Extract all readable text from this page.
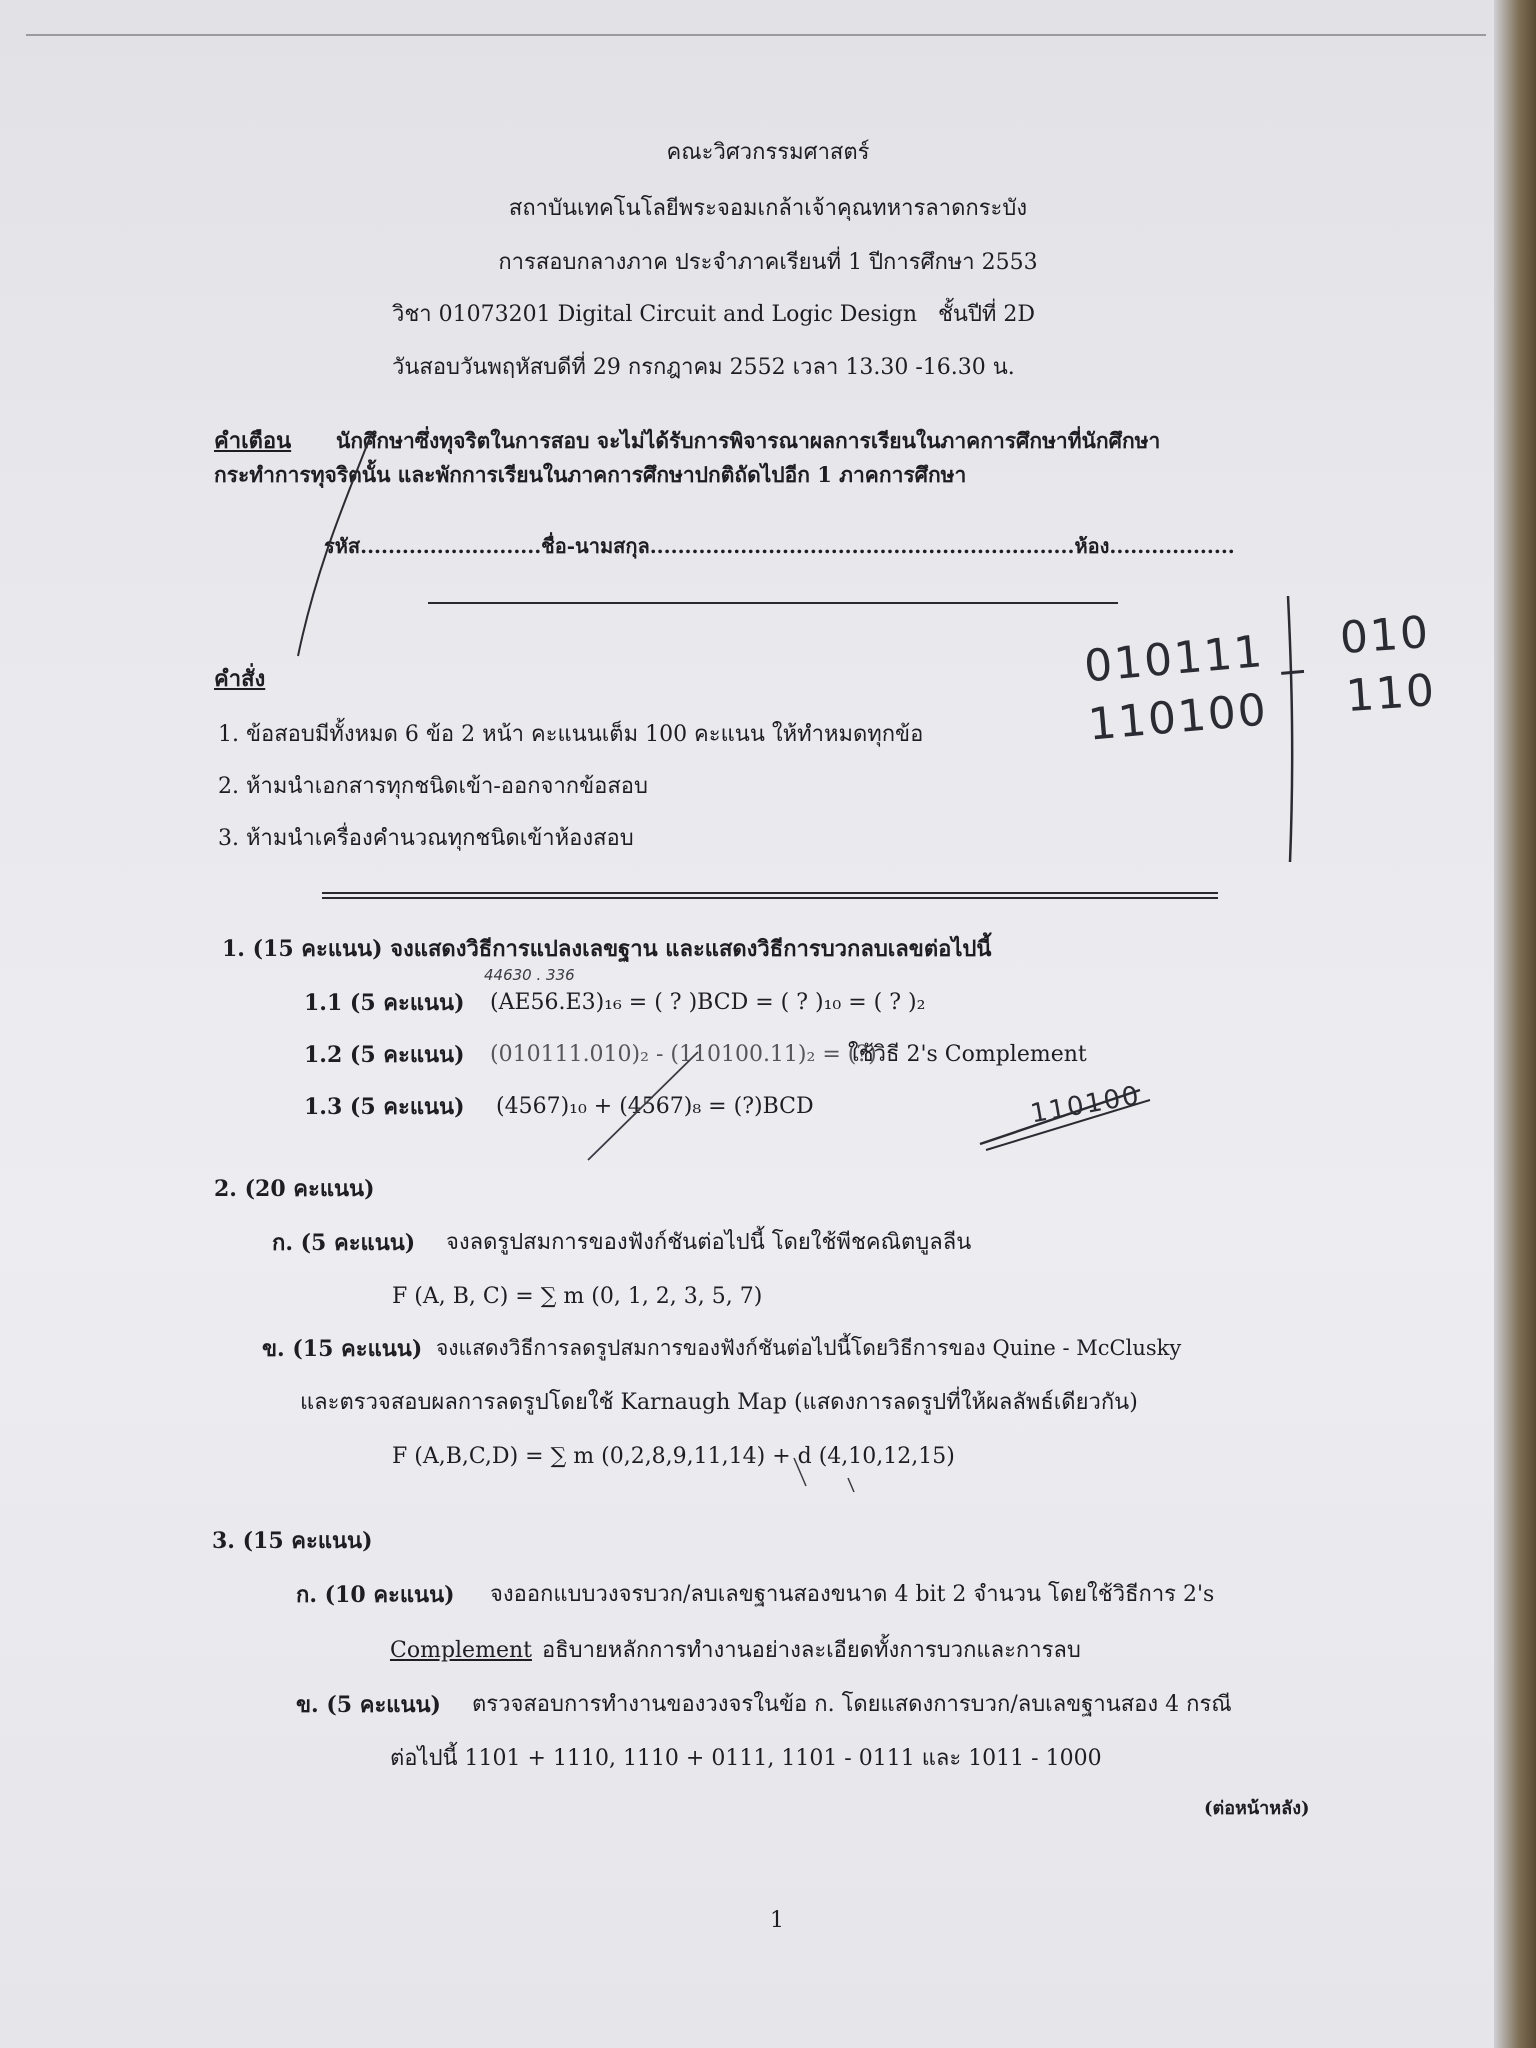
คณะวิศวกรรมศาสตร์
สถาบันเทคโนโลยีพระจอมเกล้าเจ้าคุณทหารลาดกระบัง
การสอบกลางภาค ประจำภาคเรียนที่ 1 ปีการศึกษา 2553
วิชา 01073201 Digital Circuit and Logic Design ชั้นปีที่ 2D
วันสอบวันพฤหัสบดีที่ 29 กรกฎาคม 2552 เวลา 13.30 -16.30 น.
คำเตือน นักศึกษาซึ่งทุจริตในการสอบ จะไม่ได้รับการพิจารณาผลการเรียนในภาคการศึกษาที่นักศึกษา
กระทำการทุจริตนั้น และพักการเรียนในภาคการศึกษาปกติถัดไปอีก 1 ภาคการศึกษา
รหัส..........................ชื่อ-นามสกุล.............................................................ห้อง..................
คำสั่ง
1. ข้อสอบมีทั้งหมด 6 ข้อ 2 หน้า คะแนนเต็ม 100 คะแนน ให้ทำหมดทุกข้อ
2. ห้ามนำเอกสารทุกชนิดเข้า-ออกจากข้อสอบ
3. ห้ามนำเครื่องคำนวณทุกชนิดเข้าห้องสอบ
1. (15 คะแนน) จงแสดงวิธีการแปลงเลขฐาน และแสดงวิธีการบวกลบเลขต่อไปนี้
1.1 (5 คะแนน) (AE56.E3)₁₆ = ( ? )BCD = ( ? )₁₀ = ( ? )₂
1.2 (5 คะแนน) (010111.010)₂ - (110100.11)₂ = (?)
ใช้วิธี 2's Complement
1.3 (5 คะแนน) (4567)₁₀ + (4567)₈ = (?)BCD
2. (20 คะแนน)
ก. (5 คะแนน) จงลดรูปสมการของฟังก์ชันต่อไปนี้ โดยใช้พีชคณิตบูลลีน
F (A, B, C) = ∑ m (0, 1, 2, 3, 5, 7)
ข. (15 คะแนน) จงแสดงวิธีการลดรูปสมการของฟังก์ชันต่อไปนี้โดยวิธีการของ Quine - McClusky
และตรวจสอบผลการลดรูปโดยใช้ Karnaugh Map (แสดงการลดรูปที่ให้ผลลัพธ์เดียวกัน)
F (A,B,C,D) = ∑ m (0,2,8,9,11,14) + d (4,10,12,15)
3. (15 คะแนน)
ก. (10 คะแนน) จงออกแบบวงจรบวก/ลบเลขฐานสองขนาด 4 bit 2 จำนวน โดยใช้วิธีการ 2's
Complement อธิบายหลักการทำงานอย่างละเอียดทั้งการบวกและการลบ
ข. (5 คะแนน) ตรวจสอบการทำงานของวงจรในข้อ ก. โดยแสดงการบวก/ลบเลขฐานสอง 4 กรณี
ต่อไปนี้ 1101 + 1110, 1110 + 0111, 1101 - 0111 และ 1011 - 1000
(ต่อหน้าหลัง)
1
010111 _
110100
010
110
44630 . 336
110100
